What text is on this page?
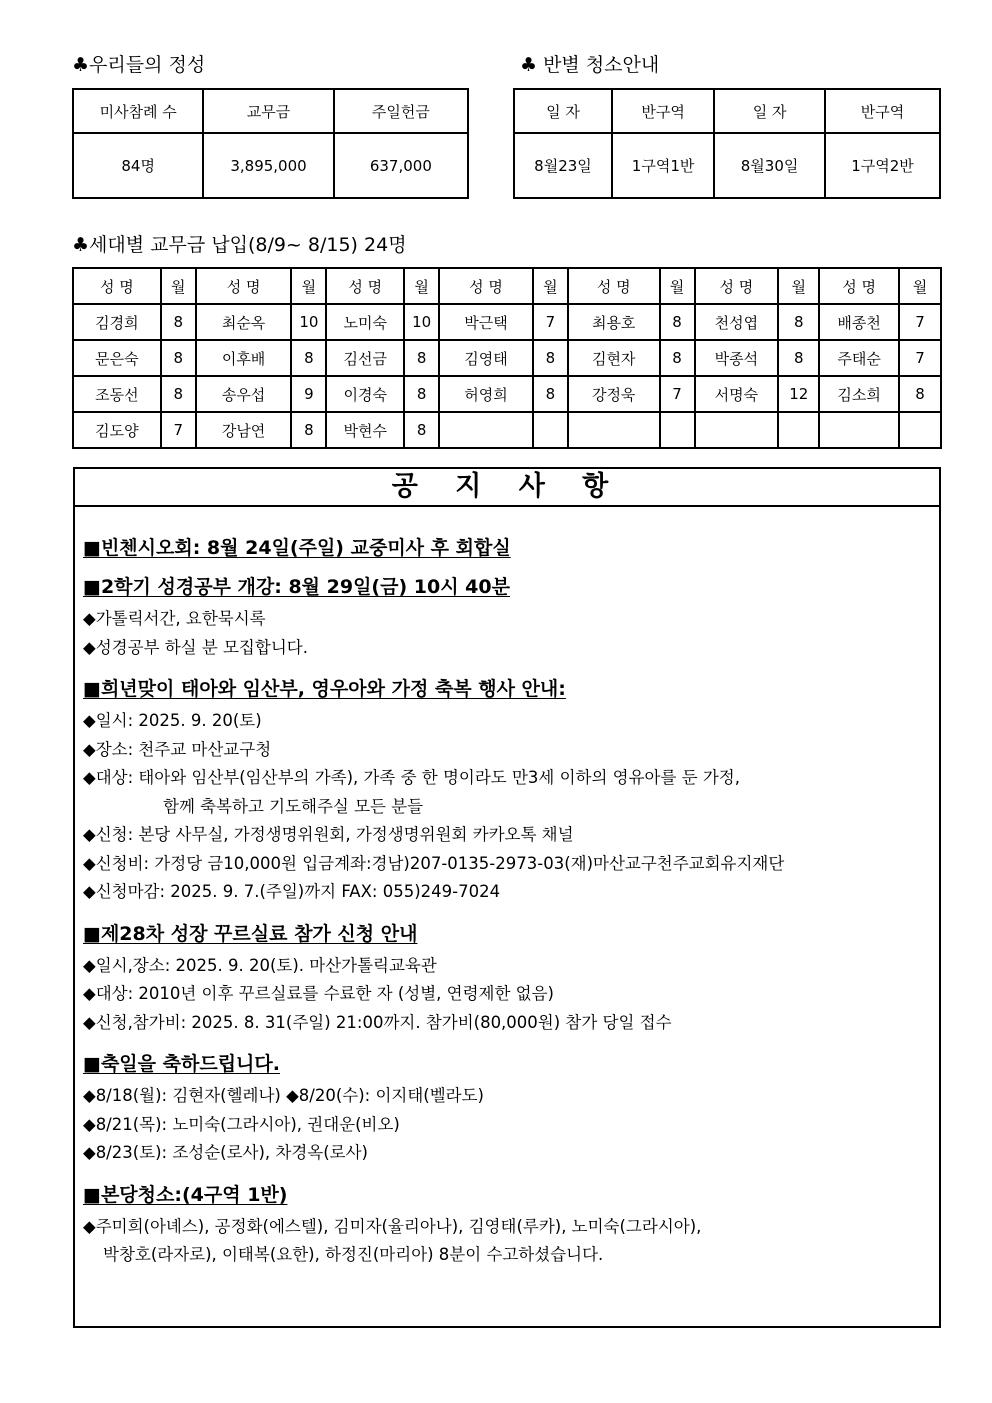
♣우리들의 정성
미사참례 수	교무금	주일헌금
84명	3,895,000	637,000
♣ 반별 청소안내
일 자	반구역	일 자	반구역
8월23일	1구역1반	8월30일	1구역2반
♣세대별 교무금 납입(8/9~ 8/15) 24명
성 명	월	성 명	월	성 명	월	성 명	월	성 명	월	성 명	월	성 명	월
김경희	8	최순옥	10	노미숙	10	박근택	7	최용호	8	천성엽	8	배종천	7
문은숙	8	이후배	8	김선금	8	김영태	8	김현자	8	박종석	8	주태순	7
조동선	8	송우섭	9	이경숙	8	허영희	8	강정욱	7	서명숙	12	김소희	8
김도양	7	강남연	8	박현수	8								
공 지 사 항
■빈첸시오회: 8월 24일(주일) 교중미사 후 회합실
■2학기 성경공부 개강: 8월 29일(금) 10시 40분
◆가톨릭서간, 요한묵시록
◆성경공부 하실 분 모집합니다.
■희년맞이 태아와 임산부, 영우아와 가정 축복 행사 안내:
◆일시: 2025. 9. 20(토)
◆장소: 천주교 마산교구청
◆대상: 태아와 임산부(임산부의 가족), 가족 중 한 명이라도 만3세 이하의 영유아를 둔 가정,
함께 축복하고 기도해주실 모든 분들
◆신청: 본당 사무실, 가정생명위원회, 가정생명위원회 카카오톡 채널
◆신청비: 가정당 금10,000원 입금계좌:경남)207-0135-2973-03(재)마산교구천주교회유지재단
◆신청마감: 2025. 9. 7.(주일)까지 FAX: 055)249-7024
■제28차 성장 꾸르실료 참가 신청 안내
◆일시,장소: 2025. 9. 20(토). 마산가톨릭교육관
◆대상: 2010년 이후 꾸르실료를 수료한 자 (성별, 연령제한 없음)
◆신청,참가비: 2025. 8. 31(주일) 21:00까지. 참가비(80,000원) 참가 당일 접수
■축일을 축하드립니다.
◆8/18(월): 김현자(헬레나) ◆8/20(수): 이지태(벨라도)
◆8/21(목): 노미숙(그라시아), 권대운(비오)
◆8/23(토): 조성순(로사), 차경옥(로사)
■본당청소:(4구역 1반)
◆주미희(아녜스), 공정화(에스텔), 김미자(율리아나), 김영태(루카), 노미숙(그라시아),
박창호(라자로), 이태복(요한), 하정진(마리아) 8분이 수고하셨습니다.
